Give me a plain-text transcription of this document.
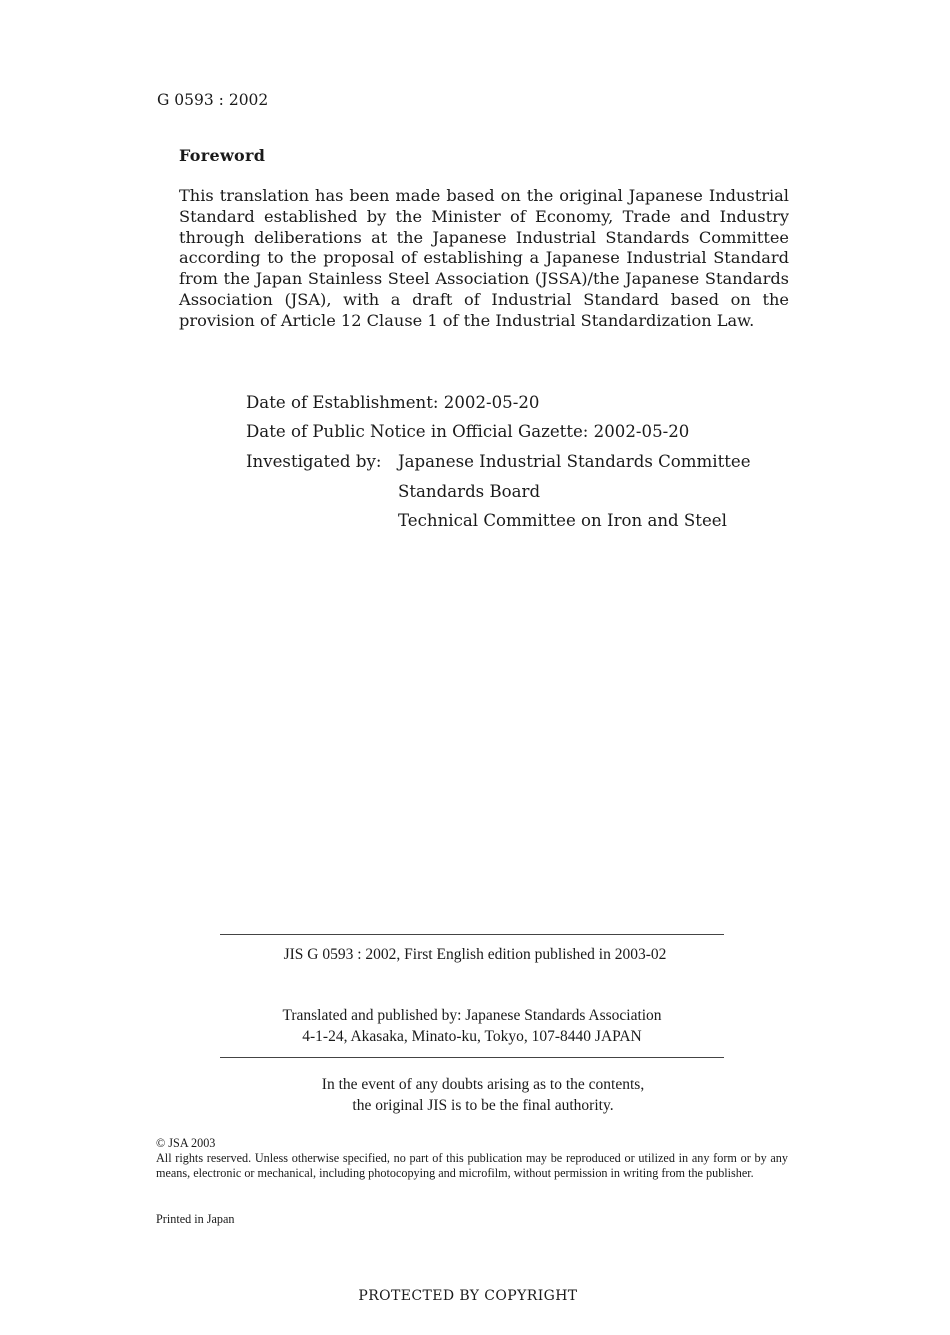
G 0593 : 2002
Foreword
This translation has been made based on the original Japanese Industrial Standard established by the Minister of Economy, Trade and Industry through deliberations at the Japanese Industrial Standards Committee according to the proposal of establishing a Japanese Industrial Standard from the Japan Stainless Steel Association (JSSA)/the Japanese Standards Association (JSA), with a draft of Industrial Standard based on the provision of Article 12 Clause 1 of the Industrial Standardization Law.
Date of Establishment: 2002-05-20
Date of Public Notice in Official Gazette: 2002-05-20
Investigated by: Japanese Industrial Standards Committee
Standards Board
Technical Committee on Iron and Steel
JIS G 0593 : 2002, First English edition published in 2003-02
Translated and published by: Japanese Standards Association
4-1-24, Akasaka, Minato-ku, Tokyo, 107-8440 JAPAN
In the event of any doubts arising as to the contents,
the original JIS is to be the final authority.
© JSA 2003
All rights reserved. Unless otherwise specified, no part of this publication may be reproduced or utilized in any form or by any means, electronic or mechanical, including photocopying and microfilm, without permission in writing from the publisher.
Printed in Japan
PROTECTED BY COPYRIGHT
